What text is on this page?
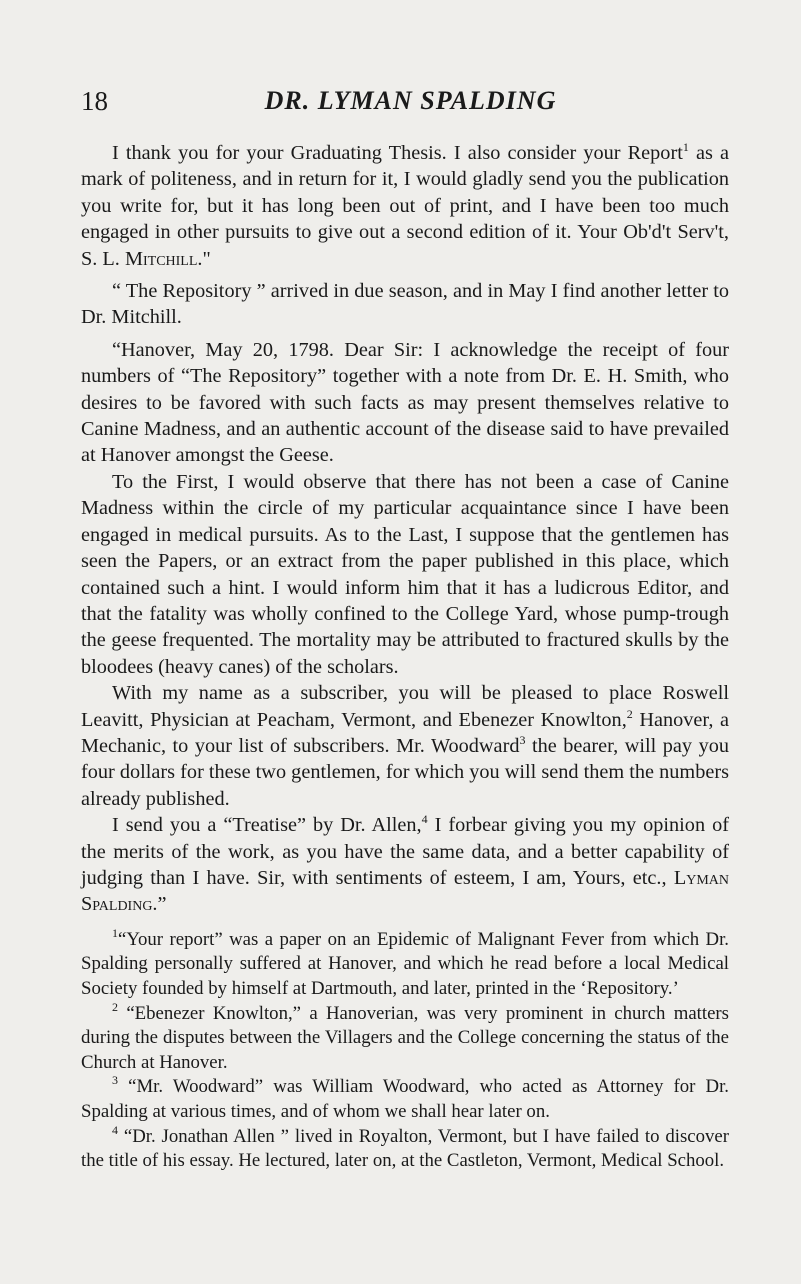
18	DR. LYMAN SPALDING

I thank you for your Graduating Thesis. I also consider your Report$^1$ as a mark of politeness, and in return for it, I would gladly send you the publication you write for, but it has long been out of print, and I have been too much engaged in other pursuits to give out a second edition of it. Your Ob'd't Serv't, S. L. Mitchill."

“ The Repository ” arrived in due season, and in May I find another letter to Dr. Mitchill.

“Hanover, May 20, 1798. Dear Sir: I acknowledge the receipt of four numbers of “The Repository” together with a note from Dr. E. H. Smith, who desires to be favored with such facts as may present themselves relative to Canine Madness, and an authentic account of the disease said to have prevailed at Hanover amongst the Geese.

To the First, I would observe that there has not been a case of Canine Madness within the circle of my particular acquaintance since I have been engaged in medical pursuits. As to the Last, I suppose that the gentlemen has seen the Papers, or an extract from the paper published in this place, which contained such a hint. I would inform him that it has a ludicrous Editor, and that the fatality was wholly confined to the College Yard, whose pump-trough the geese frequented. The mortality may be attributed to fractured skulls by the bloodees (heavy canes) of the scholars.

With my name as a subscriber, you will be pleased to place Roswell Leavitt, Physician at Peacham, Vermont, and Ebenezer Knowlton,$^2$ Hanover, a Mechanic, to your list of subscribers. Mr. Woodward$^3$ the bearer, will pay you four dollars for these two gentlemen, for which you will send them the numbers already published.

I send you a “Treatise” by Dr. Allen,$^4$ I forbear giving you my opinion of the merits of the work, as you have the same data, and a better capability of judging than I have. Sir, with sentiments of esteem, I am, Yours, etc., Lyman Spalding.”

$^1$“Your report” was a paper on an Epidemic of Malignant Fever from which Dr. Spalding personally suffered at Hanover, and which he read before a local Medical Society founded by himself at Dartmouth, and later, printed in the ‘Repository.’

$^2$ “Ebenezer Knowlton,” a Hanoverian, was very prominent in church matters during the disputes between the Villagers and the College concerning the status of the Church at Hanover.

$^3$ “Mr. Woodward” was William Woodward, who acted as Attorney for Dr. Spalding at various times, and of whom we shall hear later on.

$^4$ “Dr. Jonathan Allen ” lived in Royalton, Vermont, but I have failed to discover the title of his essay. He lectured, later on, at the Castleton, Vermont, Medical School.
